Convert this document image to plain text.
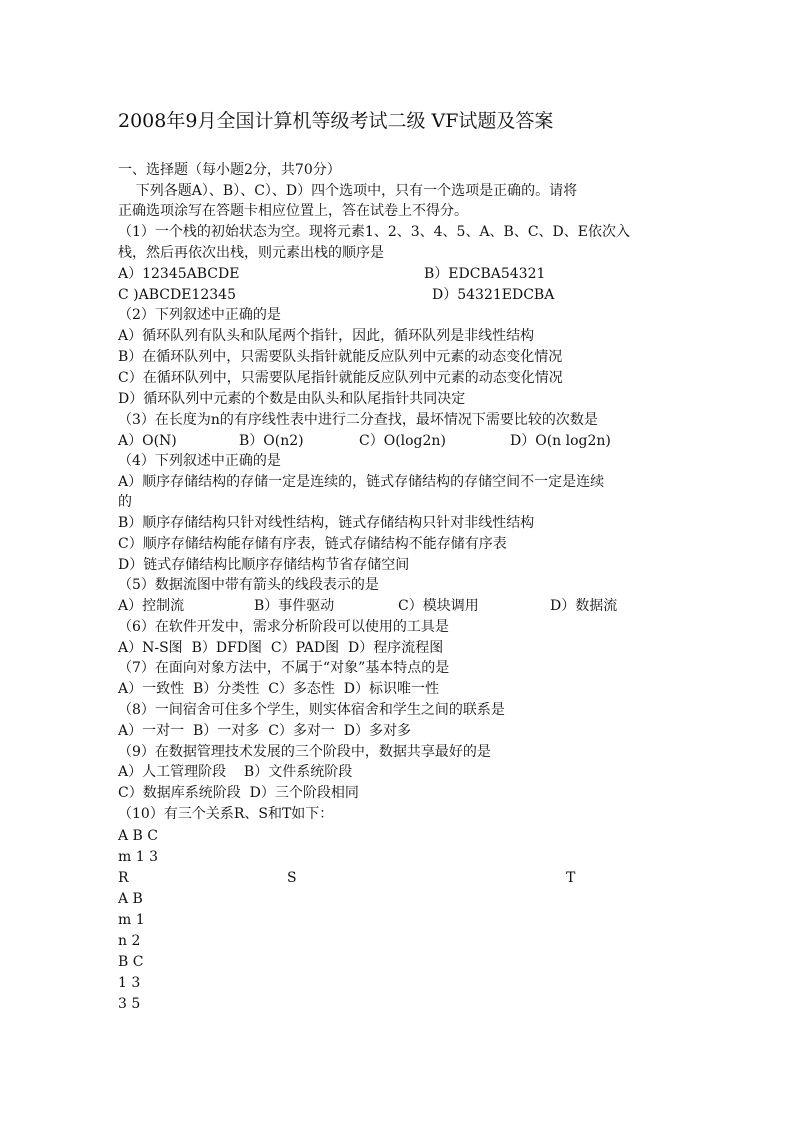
2008年9月全国计算机等级考试二级 VF试题及答案
一、选择题（每小题2分，共70分）
下列各题A）、B）、C）、D）四个选项中，只有一个选项是正确的。请将
正确选项涂写在答题卡相应位置上，答在试卷上不得分。
（1）一个栈的初始状态为空。现将元素1、2、3、4、5、A、B、C、D、E依次入
栈，然后再依次出栈，则元素出栈的顺序是
A）12345ABCDE	B）EDCBA54321
C )ABCDE12345	D）54321EDCBA
（2）下列叙述中正确的是
A）循环队列有队头和队尾两个指针，因此，循环队列是非线性结构
B）在循环队列中，只需要队头指针就能反应队列中元素的动态变化情况
C）在循环队列中，只需要队尾指针就能反应队列中元素的动态变化情况
D）循环队列中元素的个数是由队头和队尾指针共同决定
（3）在长度为n的有序线性表中进行二分查找，最坏情况下需要比较的次数是
A）O(N)	B）O(n2)	C）O(log2n)	D）O(n log2n)
（4）下列叙述中正确的是
A）顺序存储结构的存储一定是连续的，链式存储结构的存储空间不一定是连续
的
B）顺序存储结构只针对线性结构，链式存储结构只针对非线性结构
C）顺序存储结构能存储有序表，链式存储结构不能存储有序表
D）链式存储结构比顺序存储结构节省存储空间
（5）数据流图中带有箭头的线段表示的是
A）控制流	B）事件驱动	C）模块调用	D）数据流
（6）在软件开发中，需求分析阶段可以使用的工具是
A）N-S图  B）DFD图  C）PAD图  D）程序流程图
（7）在面向对象方法中，不属于“对象”基本特点的是
A）一致性  B）分类性  C）多态性  D）标识唯一性
（8）一间宿舍可住多个学生，则实体宿舍和学生之间的联系是
A）一对一  B）一对多  C）多对一  D）多对多
（9）在数据管理技术发展的三个阶段中，数据共享最好的是
A）人工管理阶段    B）文件系统阶段
C）数据库系统阶段  D）三个阶段相同
（10）有三个关系R、S和T如下：
A B C
m 1 3
R	S	T
A B
m 1
n 2
B C
1 3
3 5
